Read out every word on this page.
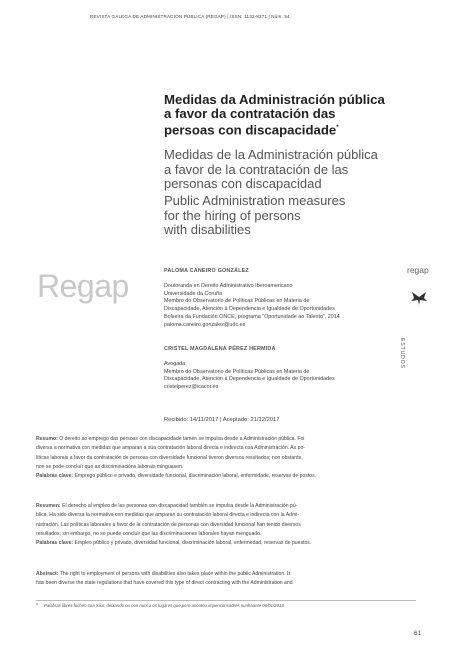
REVISTA GALEGA DE ADMINISTRACIÓN PÚBLICA (REGAP) | ISSN: 1132-8371 | Núm. 54
Medidas da Administración pública
a favor da contratación das
persoas con discapacidade*
Medidas de la Administración pública
a favor de la contratación de las
personas con discapacidad
Public Administration measures
for the hiring of persons
with disabilities
Regap	regap
ESTUDOS
PALOMA CANEIRO GONZÁLEZ
Doutoranda en Dereito Administrativo Iberoamericano
Universidade da Coruña
Membro do Observatorio de Políticas Públicas en Materia de
Discapacidade, Atención á Dependencia e Igualdade de Oportunidades
Bolseira da Fundación ONCE, programa “Oportunidade ao Talento”, 2014
paloma.caneiro.gonzalez@udc.es
CRISTEL MAGDALENA PÉREZ HERMIDA
Avogada
Membro do Observatorio de Políticas Públicas en Materia de
Discapacidade, Atención á Dependencia e Igualdade de Oportunidades
cristelperez@icacor.es
Recibido: 14/11/2017 | Aceptado: 21/12/2017
Resumo: O dereito ao emprego das persoas con discapacidade tamén se impulsa desde a Administración pública. Foi
diversa a normativa con medidas que amparan a súa contratación laboral directa e indirecta coa Administración. As po-
líticas laborais a favor da contratación de persoas con diversidade funcional tiveron diversos resultados; non obstante,
non se pode concluír que as discriminacións laborais minguasen.
Palabras clave: Emprego público e privado, diversidade funcional, discriminación laboral, enfermidade, reservas de postos.
Resumen: El derecho al empleo de las personas con discapacidad también se impulsa desde la Administración pú-
blica. Ha sido diversa la normativa con medidas que amparan su contratación laboral directa e indirecta con la Admi-
nistración. Las políticas laborales a favor de la contratación de personas con diversidad funcional han tenido diversos
resultados; sin embargo, no se puede concluir que las discriminaciones laborales hayan menguado.
Palabras clave: Empleo público y privado, diversidad funcional, discriminación laboral, enfermedad, reservas de puestos.
Abstract: The right to employment of persons with disabilities also takes place within the public Administration. It
has been diverse the state regulations that have covered this type of direct contracting with the Administration and
* Palabras libres fuchen coa Xiiur, deixando ou non nunca os lugares que pero ancoteu impenconsadres nunhaante 06/01/2018.
61
